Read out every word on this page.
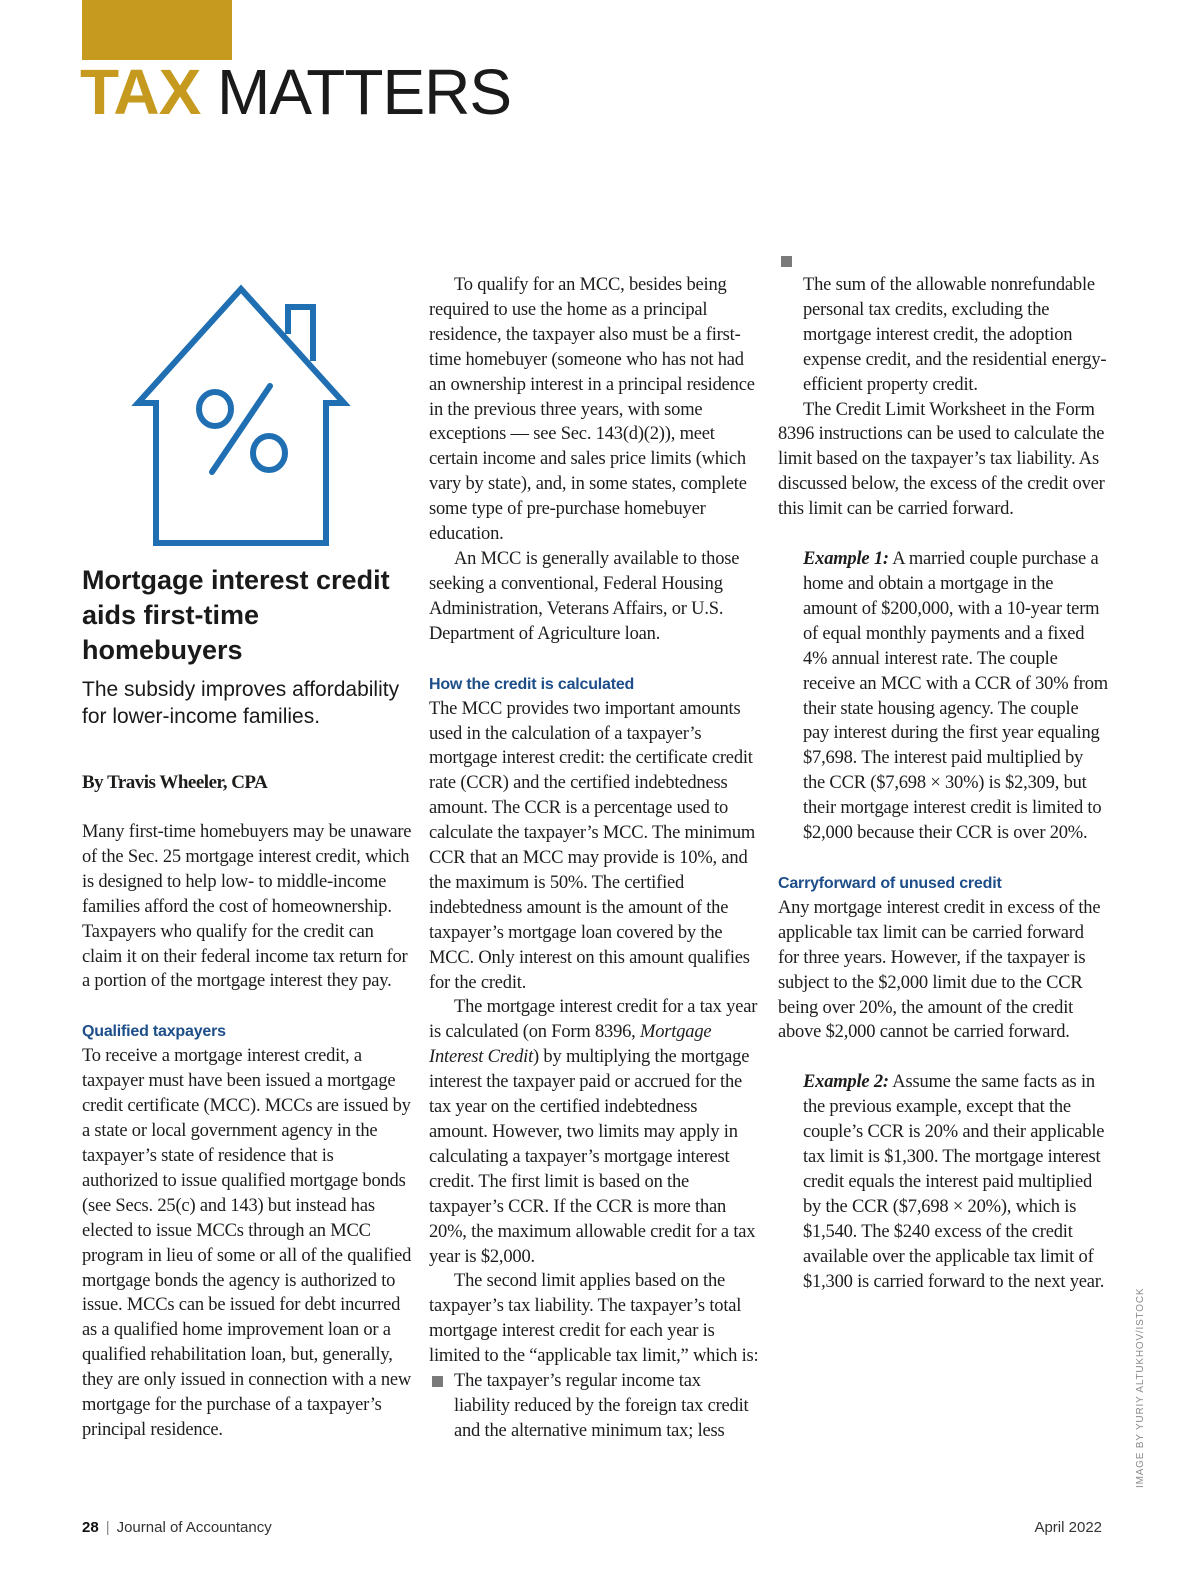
TAX MATTERS
Mortgage interest credit aids first-time homebuyers

The subsidy improves affordability for lower-income families.

By Travis Wheeler, CPA

Many first-time homebuyers may be unaware of the Sec. 25 mortgage interest credit, which is designed to help low- to middle-income families afford the cost of homeownership. Taxpayers who qualify for the credit can claim it on their federal income tax return for a portion of the mortgage interest they pay.

Qualified taxpayers

To receive a mortgage interest credit, a taxpayer must have been issued a mortgage credit certificate (MCC). MCCs are issued by a state or local government agency in the taxpayer’s state of residence that is authorized to issue qualified mortgage bonds (see Secs. 25(c) and 143) but instead has elected to issue MCCs through an MCC program in lieu of some or all of the qualified mortgage bonds the agency is authorized to issue. MCCs can be issued for debt incurred as a qualified home improvement loan or a qualified rehabilitation loan, but, generally, they are only issued in connection with a new mortgage for the purchase of a taxpayer’s principal residence.

To qualify for an MCC, besides being required to use the home as a principal residence, the taxpayer also must be a first-time homebuyer (someone who has not had an ownership interest in a principal residence in the previous three years, with some exceptions — see Sec. 143(d)(2)), meet certain income and sales price limits (which vary by state), and, in some states, complete some type of pre-purchase homebuyer education.

An MCC is generally available to those seeking a conventional, Federal Housing Administration, Veterans Affairs, or U.S. Department of Agriculture loan.

How the credit is calculated

The MCC provides two important amounts used in the calculation of a taxpayer’s mortgage interest credit: the certificate credit rate (CCR) and the certified indebtedness amount. The CCR is a percentage used to calculate the taxpayer’s MCC. The minimum CCR that an MCC may provide is 10%, and the maximum is 50%. The certified indebtedness amount is the amount of the taxpayer’s mortgage loan covered by the MCC. Only interest on this amount qualifies for the credit.

The mortgage interest credit for a tax year is calculated (on Form 8396, Mortgage Interest Credit) by multiplying the mortgage interest the taxpayer paid or accrued for the tax year on the certified indebtedness amount. However, two limits may apply in calculating a taxpayer’s mortgage interest credit. The first limit is based on the taxpayer’s CCR. If the CCR is more than 20%, the maximum allowable credit for a tax year is $2,000.

The second limit applies based on the taxpayer’s tax liability. The taxpayer’s total mortgage interest credit for each year is limited to the “applicable tax limit,” which is:

The taxpayer’s regular income tax liability reduced by the foreign tax credit and the alternative minimum tax; less
The sum of the allowable nonrefundable personal tax credits, excluding the mortgage interest credit, the adoption expense credit, and the residential energy-efficient property credit.

The Credit Limit Worksheet in the Form 8396 instructions can be used to calculate the limit based on the taxpayer’s tax liability. As discussed below, the excess of the credit over this limit can be carried forward.

Example 1: A married couple purchase a home and obtain a mortgage in the amount of $200,000, with a 10-year term of equal monthly payments and a fixed 4% annual interest rate. The couple receive an MCC with a CCR of 30% from their state housing agency. The couple pay interest during the first year equaling $7,698. The interest paid multiplied by the CCR ($7,698 × 30%) is $2,309, but their mortgage interest credit is limited to $2,000 because their CCR is over 20%.

Carryforward of unused credit

Any mortgage interest credit in excess of the applicable tax limit can be carried forward for three years. However, if the taxpayer is subject to the $2,000 limit due to the CCR being over 20%, the amount of the credit above $2,000 cannot be carried forward.

Example 2: Assume the same facts as in the previous example, except that the couple’s CCR is 20% and their applicable tax limit is $1,300. The mortgage interest credit equals the interest paid multiplied by the CCR ($7,698 × 20%), which is $1,540. The $240 excess of the credit available over the applicable tax limit of $1,300 is carried forward to the next year.

IMAGE BY YURIY ALTUKHOV/ISTOCK
28 | Journal of Accountancy	April 2022
